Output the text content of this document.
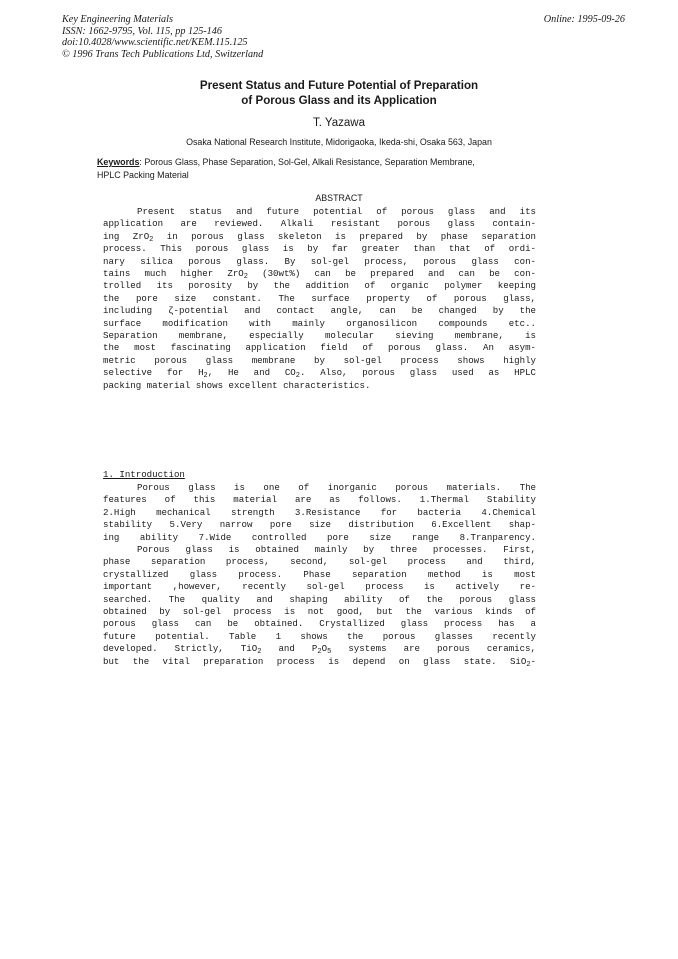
Key Engineering Materials
ISSN: 1662-9795, Vol. 115, pp 125-146
doi:10.4028/www.scientific.net/KEM.115.125
© 1996 Trans Tech Publications Ltd, Switzerland
Online: 1995-09-26
Present Status and Future Potential of Preparation
of Porous Glass and its Application
T. Yazawa
Osaka National Research Institute, Midorigaoka, Ikeda-shi, Osaka 563, Japan
Keywords: Porous Glass, Phase Separation, Sol-Gel, Alkali Resistance, Separation Membrane,
HPLC Packing Material
ABSTRACT
Present status and future potential of porous glass and its
application are reviewed. Alkali resistant porous glass contain-
ing ZrO$_2$ in porous glass skeleton is prepared by phase separation
process. This porous glass is by far greater than that of ordi-
nary silica porous glass. By sol-gel process, porous glass con-
tains much higher ZrO$_2$ (30wt%) can be prepared and can be con-
trolled its porosity by the addition of organic polymer keeping
the pore size constant. The surface property of porous glass,
including ζ-potential and contact angle, can be changed by the
surface modification with mainly organosilicon compounds etc..
Separation membrane, especially molecular sieving membrane, is
the most fascinating application field of porous glass. An asym-
metric porous glass membrane by sol-gel process shows highly
selective for $H_2$, He and $CO_2$. Also, porous glass used as HPLC
packing material shows excellent characteristics.
1. Introduction
Porous glass is one of inorganic porous materials. The
features of this material are as follows. 1.Thermal Stability
2.High mechanical strength 3.Resistance for bacteria 4.Chemical
stability 5.Very narrow pore size distribution 6.Excellent shap-
ing ability 7.Wide controlled pore size range 8.Tranparency.
Porous glass is obtained mainly by three processes. First,
phase separation process, second, sol-gel process and third,
crystallized glass process. Phase separation method is most
important ,however, recently sol-gel process is actively re-
searched. The quality and shaping ability of the porous glass
obtained by sol-gel process is not good, but the various kinds of
porous glass can be obtained. Crystallized glass process has a
future potential. Table 1 shows the porous glasses recently
developed. Strictly, TiO$_2$ and $P_2O_5$ systems are porous ceramics,
but the vital preparation process is depend on glass state. SiO$_2$-
